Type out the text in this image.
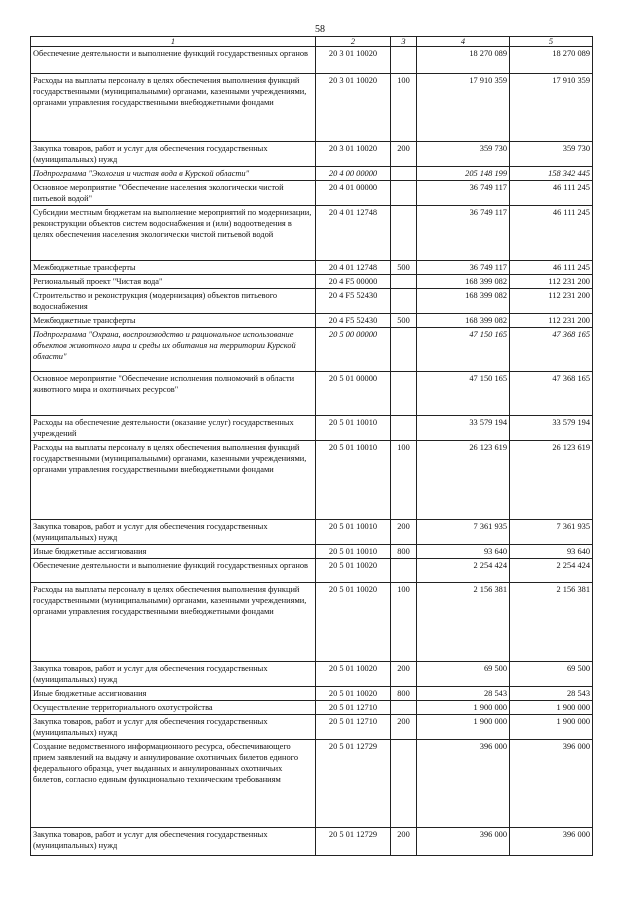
58
1	2	3	4	5
Обеспечение деятельности и выполнение функций государственных органов	20 3 01 10020		18 270 089	18 270 089
Расходы на выплаты персоналу в целях обеспечения выполнения функций государственными (муниципальными) органами, казенными учреждениями, органами управления государственными внебюджетными фондами	20 3 01 10020	100	17 910 359	17 910 359
Закупка товаров, работ и услуг для обеспечения государственных (муниципальных) нужд	20 3 01 10020	200	359 730	359 730
Подпрограмма "Экология и чистая вода в Курской области"	20 4 00 00000		205 148 199	158 342 445
Основное мероприятие "Обеспечение населения экологически чистой питьевой водой"	20 4 01 00000		36 749 117	46 111 245
Субсидии местным бюджетам на выполнение мероприятий по модернизации, реконструкции объектов систем водоснабжения и (или) водоотведения в целях обеспечения населения экологически чистой питьевой водой	20 4 01 12748		36 749 117	46 111 245
Межбюджетные трансферты	20 4 01 12748	500	36 749 117	46 111 245
Региональный проект "Чистая вода"	20 4 F5 00000		168 399 082	112 231 200
Строительство и реконструкция (модернизация) объектов питьевого водоснабжения	20 4 F5 52430		168 399 082	112 231 200
Межбюджетные трансферты	20 4 F5 52430	500	168 399 082	112 231 200
Подпрограмма "Охрана, воспроизводство и рациональное использование объектов животного мира и среды их обитания на территории Курской области"	20 5 00 00000		47 150 165	47 368 165
Основное мероприятие "Обеспечение исполнения полномочий в области животного мира и охотничьих ресурсов"	20 5 01 00000		47 150 165	47 368 165
Расходы на обеспечение деятельности (оказание услуг) государственных учреждений	20 5 01 10010		33 579 194	33 579 194
Расходы на выплаты персоналу в целях обеспечения выполнения функций государственными (муниципальными) органами, казенными учреждениями, органами управления государственными внебюджетными фондами	20 5 01 10010	100	26 123 619	26 123 619
Закупка товаров, работ и услуг для обеспечения государственных (муниципальных) нужд	20 5 01 10010	200	7 361 935	7 361 935
Иные бюджетные ассигнования	20 5 01 10010	800	93 640	93 640
Обеспечение деятельности и выполнение функций государственных органов	20 5 01 10020		2 254 424	2 254 424
Расходы на выплаты персоналу в целях обеспечения выполнения функций государственными (муниципальными) органами, казенными учреждениями, органами управления государственными внебюджетными фондами	20 5 01 10020	100	2 156 381	2 156 381
Закупка товаров, работ и услуг для обеспечения государственных (муниципальных) нужд	20 5 01 10020	200	69 500	69 500
Иные бюджетные ассигнования	20 5 01 10020	800	28 543	28 543
Осуществление территориального охотустройства	20 5 01 12710		1 900 000	1 900 000
Закупка товаров, работ и услуг для обеспечения государственных (муниципальных) нужд	20 5 01 12710	200	1 900 000	1 900 000
Создание ведомственного информационного ресурса, обеспечивающего прием заявлений на выдачу и аннулирование охотничьих билетов единого федерального образца, учет выданных и аннулированных охотничьих билетов, согласно единым функционально техническим требованиям	20 5 01 12729		396 000	396 000
Закупка товаров, работ и услуг для обеспечения государственных (муниципальных) нужд	20 5 01 12729	200	396 000	396 000
